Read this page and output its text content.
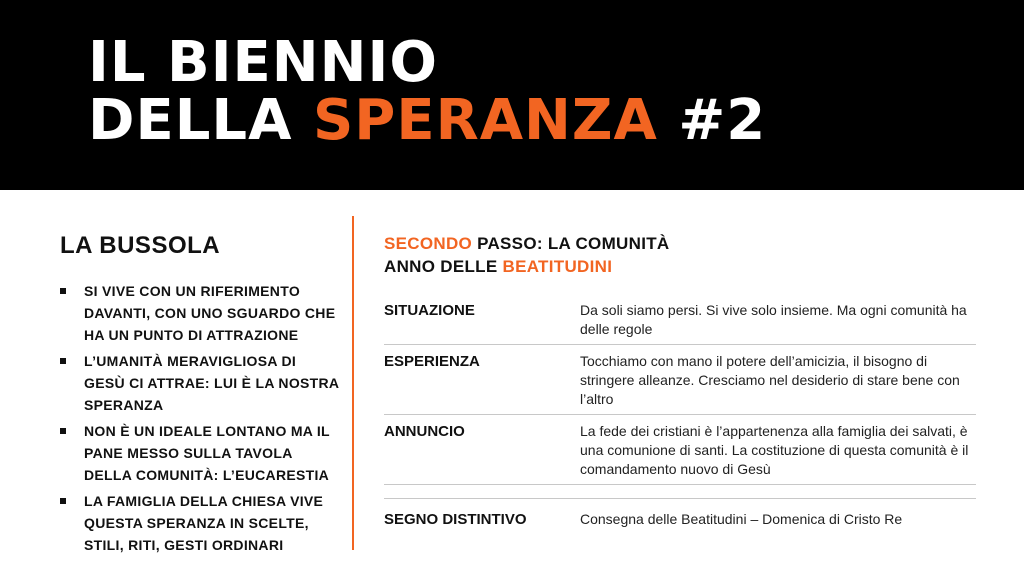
IL BIENNIO
DELLA SPERANZA #2
LA BUSSOLA
SI VIVE CON UN RIFERIMENTO DAVANTI, CON UNO SGUARDO CHE HA UN PUNTO DI ATTRAZIONE
L’UMANITÀ MERAVIGLIOSA DI GESÙ CI ATTRAE: LUI È LA NOSTRA SPERANZA
NON È UN IDEALE LONTANO MA IL PANE MESSO SULLA TAVOLA DELLA COMUNITÀ: L’EUCARESTIA
LA FAMIGLIA DELLA CHIESA VIVE QUESTA SPERANZA IN SCELTE, STILI, RITI, GESTI ORDINARI
SECONDO PASSO: LA COMUNITÀ
ANNO DELLE BEATITUDINI
SITUAZIONE	Da soli siamo persi. Si vive solo insieme. Ma ogni comunità ha delle regole
ESPERIENZA	Tocchiamo con mano il potere dell’amicizia, il bisogno di stringere alleanze. Cresciamo nel desiderio di stare bene con l’altro
ANNUNCIO	La fede dei cristiani è l’appartenenza alla famiglia dei salvati, è una comunione di santi. La costituzione di questa comunità è il comandamento nuovo di Gesù
SEGNO DISTINTIVO	Consegna delle Beatitudini – Domenica di Cristo Re
